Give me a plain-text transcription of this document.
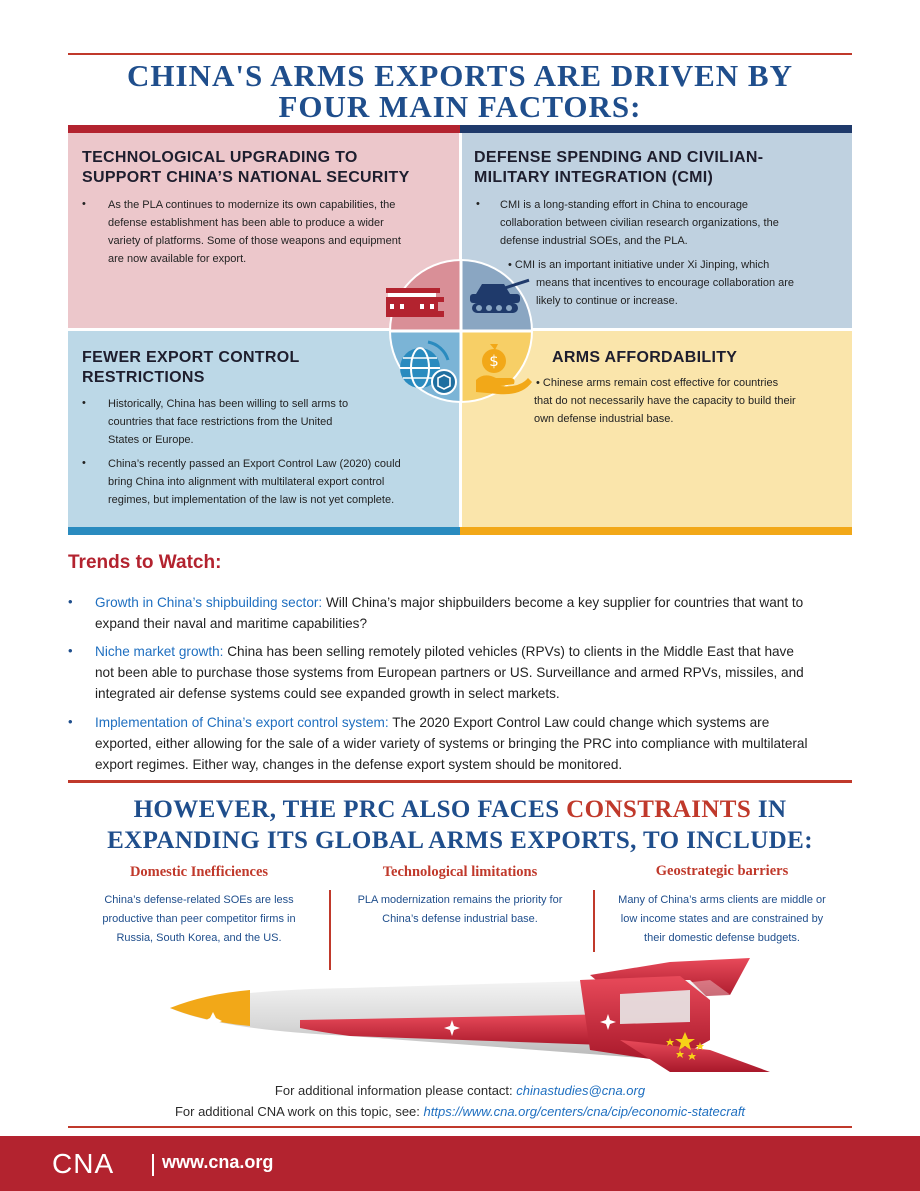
CHINA'S ARMS EXPORTS ARE DRIVEN BY
FOUR MAIN FACTORS:
TECHNOLOGICAL UPGRADING TO
SUPPORT CHINA’S NATIONAL SECURITY
• As the PLA continues to modernize its own capabilities, the
defense establishment has been able to produce a wider
variety of platforms. Some of those weapons and equipment
are now available for export.
DEFENSE SPENDING AND CIVILIAN-
MILITARY INTEGRATION (CMI)
• CMI is a long-standing effort in China to encourage
collaboration between civilian research organizations, the
defense industrial SOEs, and the PLA.
• CMI is an important initiative under Xi Jinping, which
means that incentives to encourage collaboration are
likely to continue or increase.
FEWER EXPORT CONTROL
RESTRICTIONS
• Historically, China has been willing to sell arms to
countries that face restrictions from the United
States or Europe.
• China’s recently passed an Export Control Law (2020) could
bring China into alignment with multilateral export control
regimes, but implementation of the law is not yet complete.
ARMS AFFORDABILITY
• Chinese arms remain cost effective for countries
that do not necessarily have the capacity to build their
own defense industrial base.
$
Trends to Watch:
• Growth in China’s shipbuilding sector: Will China’s major shipbuilders become a key supplier for countries that want to
expand their naval and maritime capabilities?
• Niche market growth: China has been selling remotely piloted vehicles (RPVs) to clients in the Middle East that have
not been able to purchase those systems from European partners or US. Surveillance and armed RPVs, missiles, and
integrated air defense systems could see expanded growth in select markets.
• Implementation of China’s export control system: The 2020 Export Control Law could change which systems are
exported, either allowing for the sale of a wider variety of systems or bringing the PRC into compliance with multilateral
export regimes. Either way, changes in the defense export system should be monitored.
HOWEVER, THE PRC ALSO FACES CONSTRAINTS IN
EXPANDING ITS GLOBAL ARMS EXPORTS, TO INCLUDE:
Domestic Inefficiences
China’s defense-related SOEs are less
productive than peer competitor firms in
Russia, South Korea, and the US.
Technological limitations
PLA modernization remains the priority for
China’s defense industrial base.
Geostrategic barriers
Many of China’s arms clients are middle or
low income states and are constrained by
their domestic defense budgets.
For additional information please contact: chinastudies@cna.org
For additional CNA work on this topic, see: https://www.cna.org/centers/cna/cip/economic-statecraft
CNA	www.cna.org
